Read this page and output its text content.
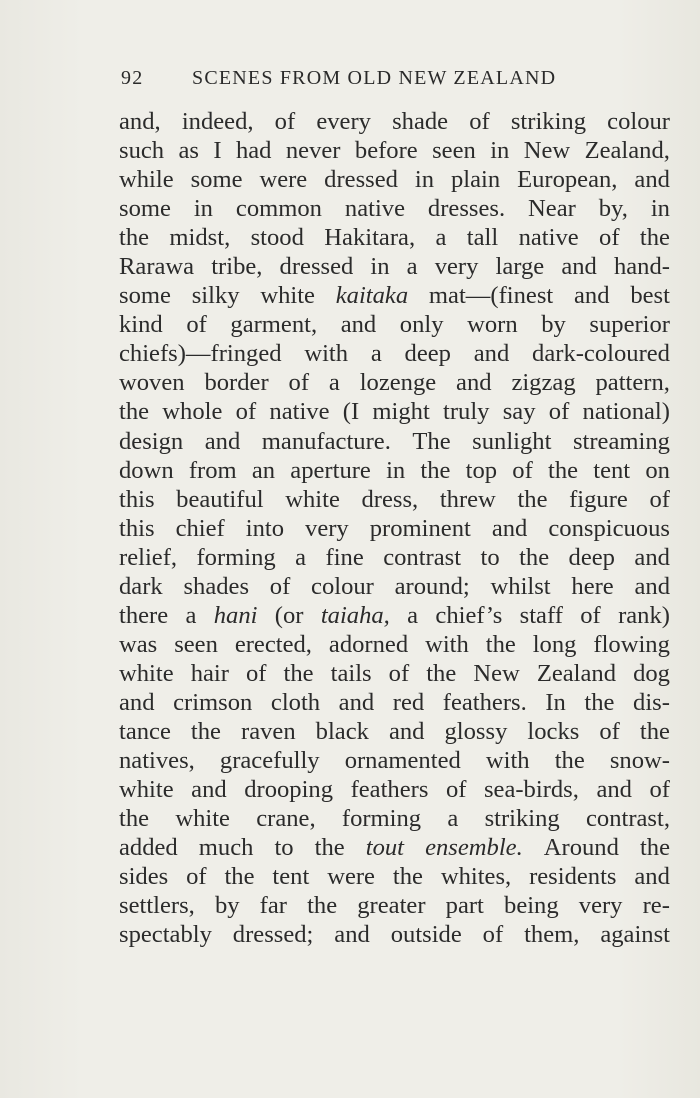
92 SCENES FROM OLD NEW ZEALAND
and, indeed, of every shade of striking colour
such as I had never before seen in New Zealand,
while some were dressed in plain European, and
some in common native dresses. Near by, in
the midst, stood Hakitara, a tall native of the
Rarawa tribe, dressed in a very large and hand-
some silky white kaitaka mat—(finest and best
kind of garment, and only worn by superior
chiefs)—fringed with a deep and dark-coloured
woven border of a lozenge and zigzag pattern,
the whole of native (I might truly say of national)
design and manufacture. The sunlight streaming
down from an aperture in the top of the tent on
this beautiful white dress, threw the figure of
this chief into very prominent and conspicuous
relief, forming a fine contrast to the deep and
dark shades of colour around; whilst here and
there a hani (or taiaha, a chief’s staff of rank)
was seen erected, adorned with the long flowing
white hair of the tails of the New Zealand dog
and crimson cloth and red feathers. In the dis-
tance the raven black and glossy locks of the
natives, gracefully ornamented with the snow-
white and drooping feathers of sea-birds, and of
the white crane, forming a striking contrast,
added much to the tout ensemble. Around the
sides of the tent were the whites, residents and
settlers, by far the greater part being very re-
spectably dressed; and outside of them, against
